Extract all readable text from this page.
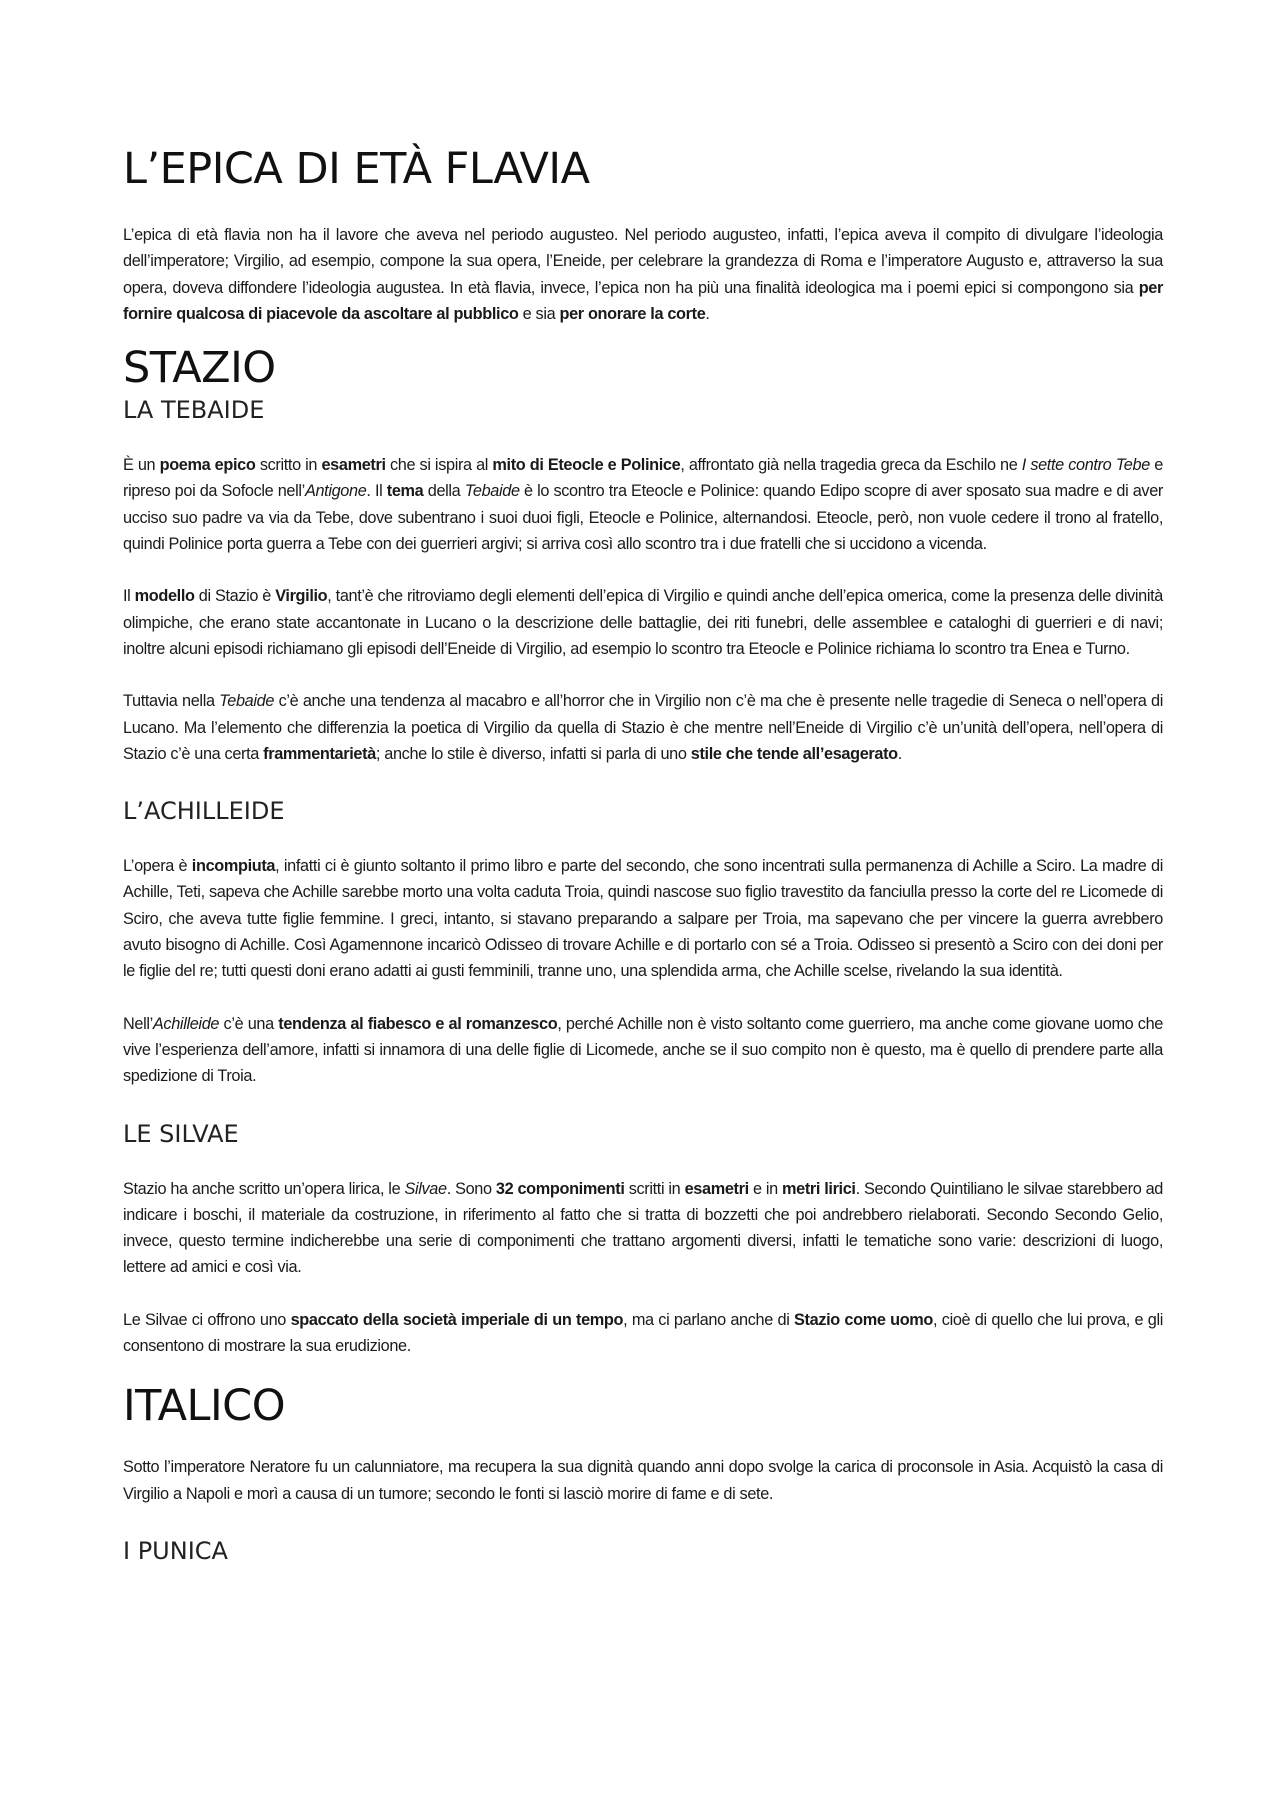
L’EPICA DI ETÀ FLAVIA

L’epica di età flavia non ha il lavore che aveva nel periodo augusteo. Nel periodo augusteo, infatti, l’epica aveva il compito di divulgare l’ideologia dell’imperatore; Virgilio, ad esempio, compone la sua opera, l’Eneide, per celebrare la grandezza di Roma e l’imperatore Augusto e, attraverso la sua opera, doveva diffondere l’ideologia augustea. In età flavia, invece, l’epica non ha più una finalità ideologica ma i poemi epici si compongono sia per fornire qualcosa di piacevole da ascoltare al pubblico e sia per onorare la corte.

STAZIO
LA TEBAIDE

È un poema epico scritto in esametri che si ispira al mito di Eteocle e Polinice, affrontato già nella tragedia greca da Eschilo ne I sette contro Tebe e ripreso poi da Sofocle nell’Antigone. Il tema della Tebaide è lo scontro tra Eteocle e Polinice: quando Edipo scopre di aver sposato sua madre e di aver ucciso suo padre va via da Tebe, dove subentrano i suoi duoi figli, Eteocle e Polinice, alternandosi. Eteocle, però, non vuole cedere il trono al fratello, quindi Polinice porta guerra a Tebe con dei guerrieri argivi; si arriva così allo scontro tra i due fratelli che si uccidono a vicenda.

Il modello di Stazio è Virgilio, tant’è che ritroviamo degli elementi dell’epica di Virgilio e quindi anche dell’epica omerica, come la presenza delle divinità olimpiche, che erano state accantonate in Lucano o la descrizione delle battaglie, dei riti funebri, delle assemblee e cataloghi di guerrieri e di navi; inoltre alcuni episodi richiamano gli episodi dell’Eneide di Virgilio, ad esempio lo scontro tra Eteocle e Polinice richiama lo scontro tra Enea e Turno.

Tuttavia nella Tebaide c’è anche una tendenza al macabro e all’horror che in Virgilio non c’è ma che è presente nelle tragedie di Seneca o nell’opera di Lucano. Ma l’elemento che differenzia la poetica di Virgilio da quella di Stazio è che mentre nell’Eneide di Virgilio c’è un’unità dell’opera, nell’opera di Stazio c’è una certa frammentarietà; anche lo stile è diverso, infatti si parla di uno stile che tende all’esagerato.

L’ACHILLEIDE

L’opera è incompiuta, infatti ci è giunto soltanto il primo libro e parte del secondo, che sono incentrati sulla permanenza di Achille a Sciro. La madre di Achille, Teti, sapeva che Achille sarebbe morto una volta caduta Troia, quindi nascose suo figlio travestito da fanciulla presso la corte del re Licomede di Sciro, che aveva tutte figlie femmine. I greci, intanto, si stavano preparando a salpare per Troia, ma sapevano che per vincere la guerra avrebbero avuto bisogno di Achille. Così Agamennone incaricò Odisseo di trovare Achille e di portarlo con sé a Troia. Odisseo si presentò a Sciro con dei doni per le figlie del re; tutti questi doni erano adatti ai gusti femminili, tranne uno, una splendida arma, che Achille scelse, rivelando la sua identità.

Nell’Achilleide c’è una tendenza al fiabesco e al romanzesco, perché Achille non è visto soltanto come guerriero, ma anche come giovane uomo che vive l’esperienza dell’amore, infatti si innamora di una delle figlie di Licomede, anche se il suo compito non è questo, ma è quello di prendere parte alla spedizione di Troia.

LE SILVAE

Stazio ha anche scritto un’opera lirica, le Silvae. Sono 32 componimenti scritti in esametri e in metri lirici. Secondo Quintiliano le silvae starebbero ad indicare i boschi, il materiale da costruzione, in riferimento al fatto che si tratta di bozzetti che poi andrebbero rielaborati. Secondo Secondo Gelio, invece, questo termine indicherebbe una serie di componimenti che trattano argomenti diversi, infatti le tematiche sono varie: descrizioni di luogo, lettere ad amici e così via.

Le Silvae ci offrono uno spaccato della società imperiale di un tempo, ma ci parlano anche di Stazio come uomo, cioè di quello che lui prova, e gli consentono di mostrare la sua erudizione.

ITALICO

Sotto l’imperatore Neratore fu un calunniatore, ma recupera la sua dignità quando anni dopo svolge la carica di proconsole in Asia. Acquistò la casa di Virgilio a Napoli e morì a causa di un tumore; secondo le fonti si lasciò morire di fame e di sete.

I PUNICA
